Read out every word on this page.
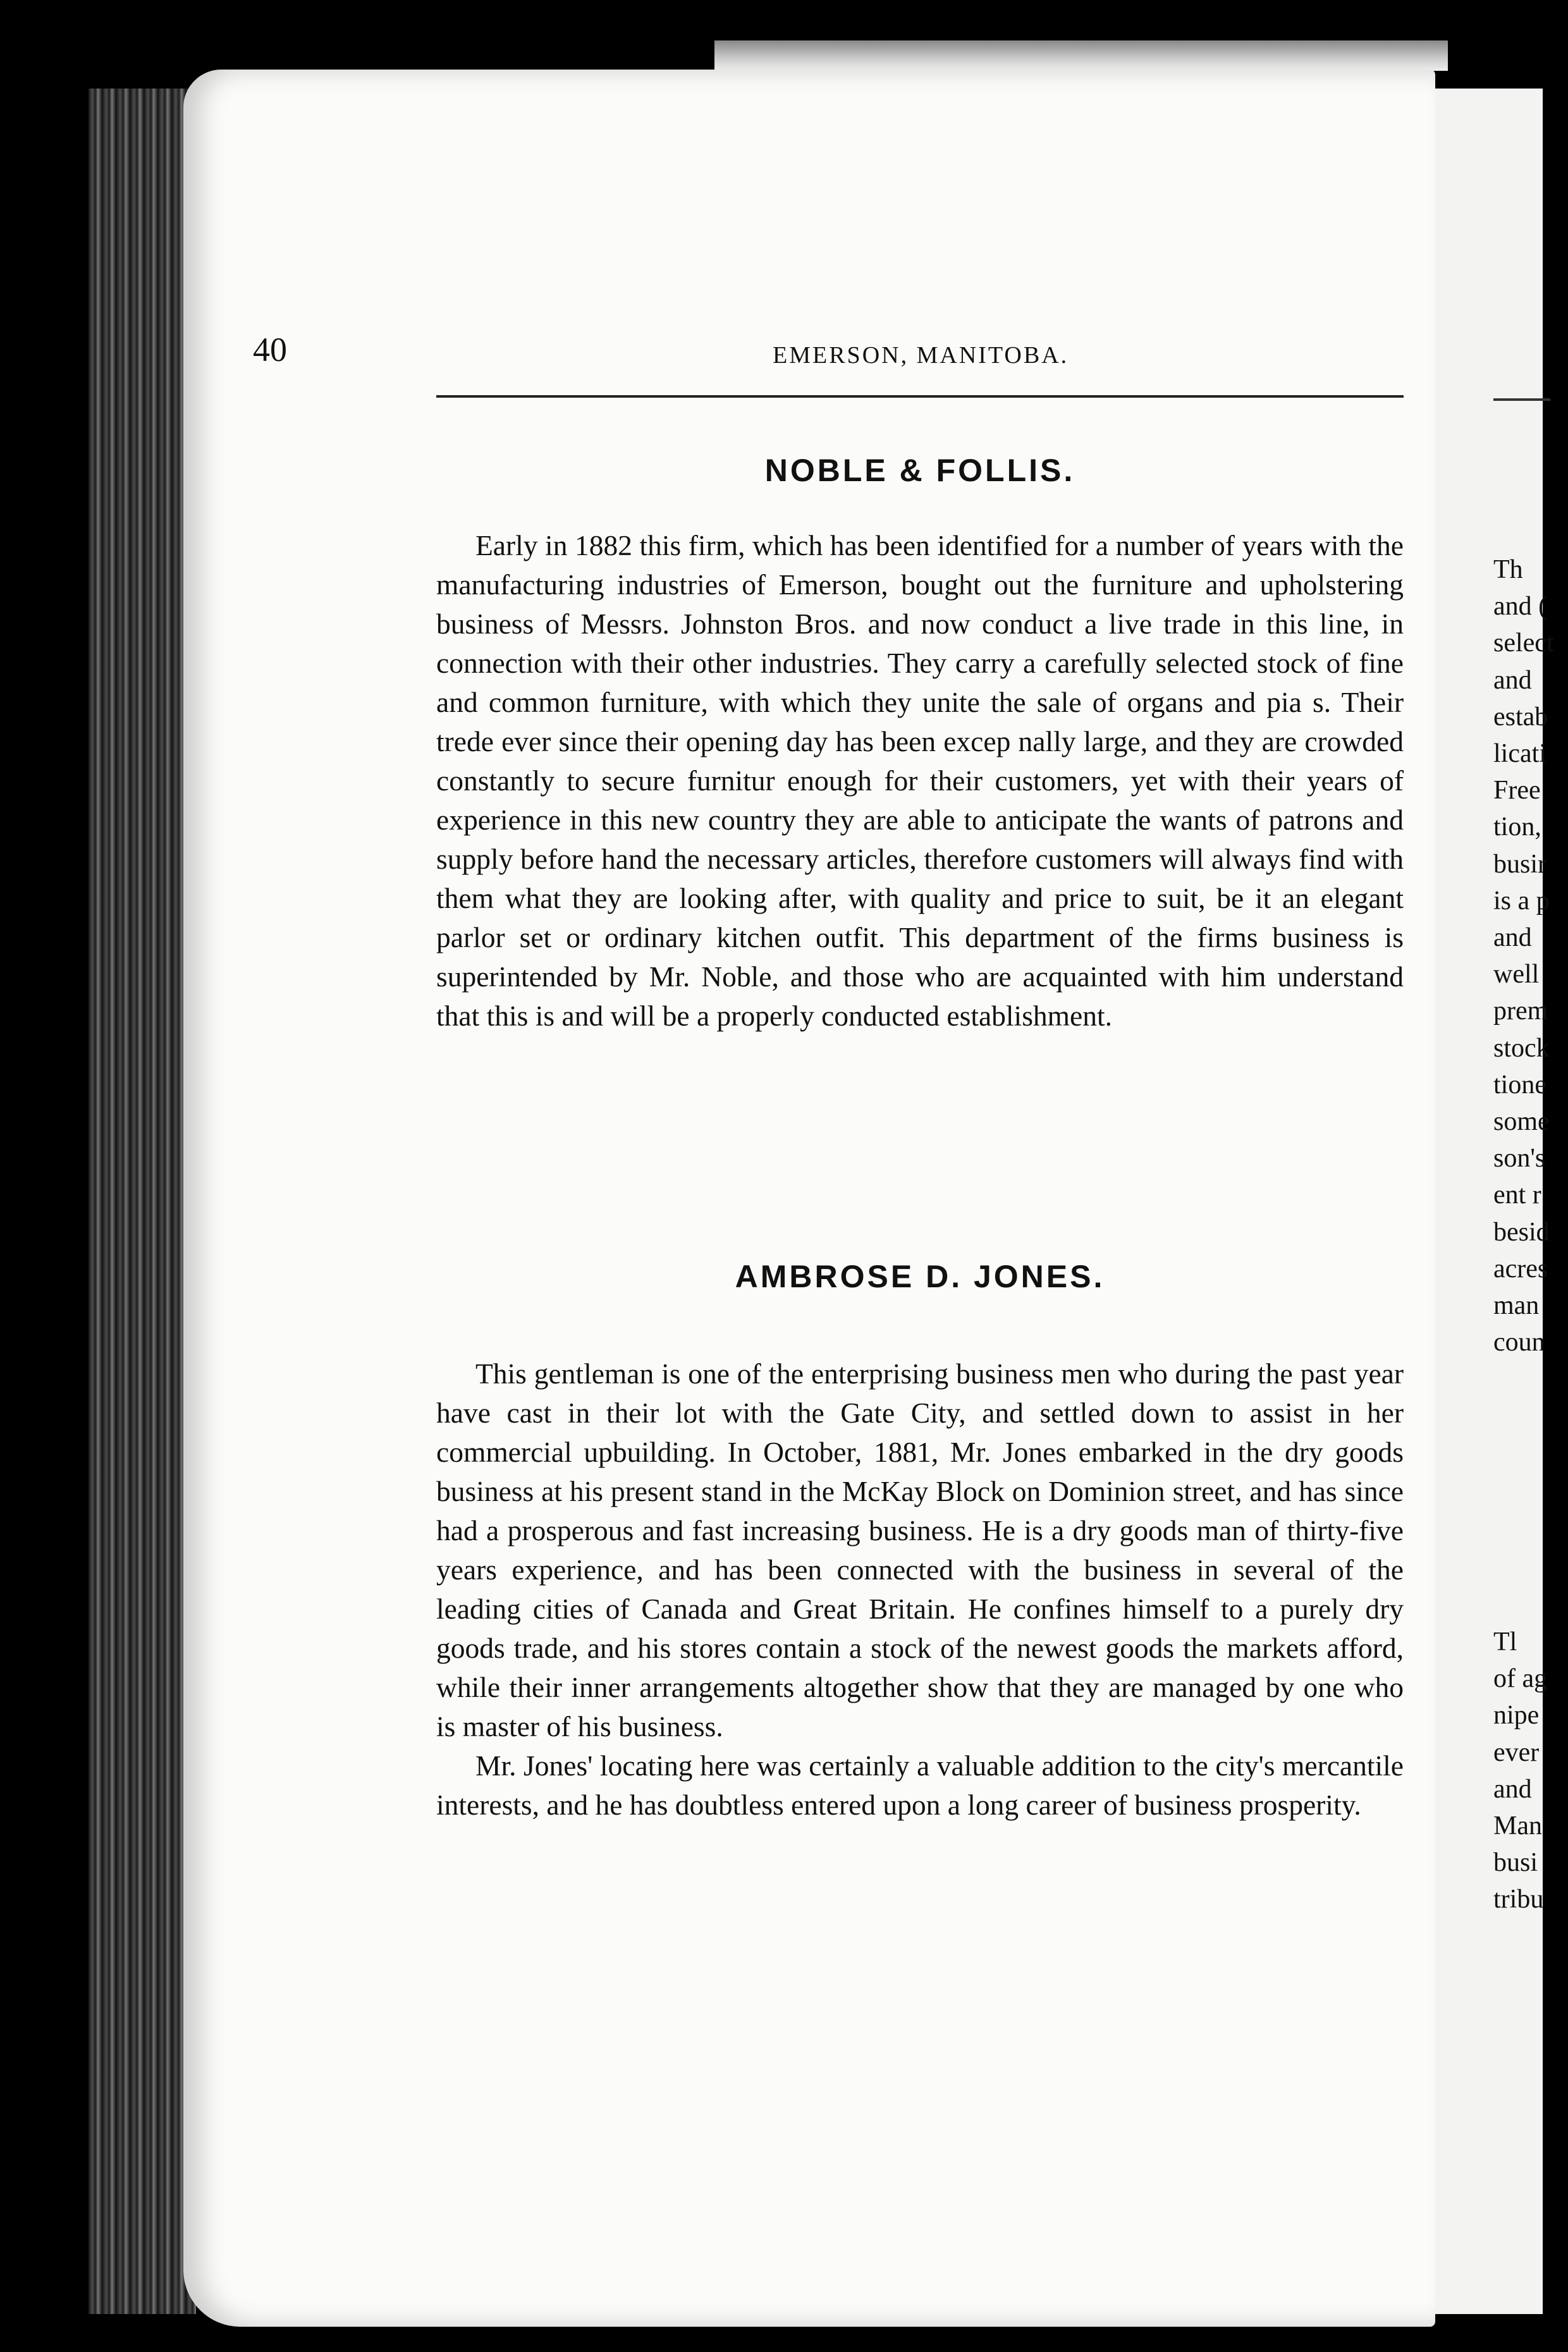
40	EMERSON, MANITOBA.
NOBLE & FOLLIS.

Early in 1882 this firm, which has been identified for a number of years with the manufacturing industries of Emerson, bought out the furniture and upholstering business of Messrs. Johnston Bros. and now conduct a live trade in this line, in connection with their other industries. They carry a carefully selected stock of fine and common furniture, with which they unite the sale of organs and pia s. Their trede ever since their opening day has been excep nally large, and they are crowded constantly to secure furnitur enough for their customers, yet with their years of experience in this new country they are able to anticipate the wants of patrons and supply before hand the necessary articles, therefore customers will always find with them what they are looking after, with quality and price to suit, be it an elegant parlor set or ordinary kitchen outfit. This department of the firms business is superintended by Mr. Noble, and those who are acquainted with him understand that this is and will be a properly conducted establishment.

AMBROSE D. JONES.

This gentleman is one of the enterprising business men who during the past year have cast in their lot with the Gate City, and settled down to assist in her commercial upbuilding. In October, 1881, Mr. Jones embarked in the dry goods business at his present stand in the McKay Block on Dominion street, and has since had a prosperous and fast increasing business. He is a dry goods man of thirty-five years experience, and has been connected with the business in several of the leading cities of Canada and Great Britain. He confines himself to a purely dry goods trade, and his stores contain a stock of the newest goods the markets afford, while their inner arrangements altogether show that they are managed by one who is master of his business.

Mr. Jones' locating here was certainly a valuable addition to the city's mercantile interests, and he has doubtless entered upon a long career of business prosperity.

Th
and (
select
and
estab
licati
Free
tion,
busir
is a p
and
well
prem
stock
tione
some
son's
ent r
besid
acres
man
coun
Tl
of ag
nipe
ever
and
Man
busi
tribu
